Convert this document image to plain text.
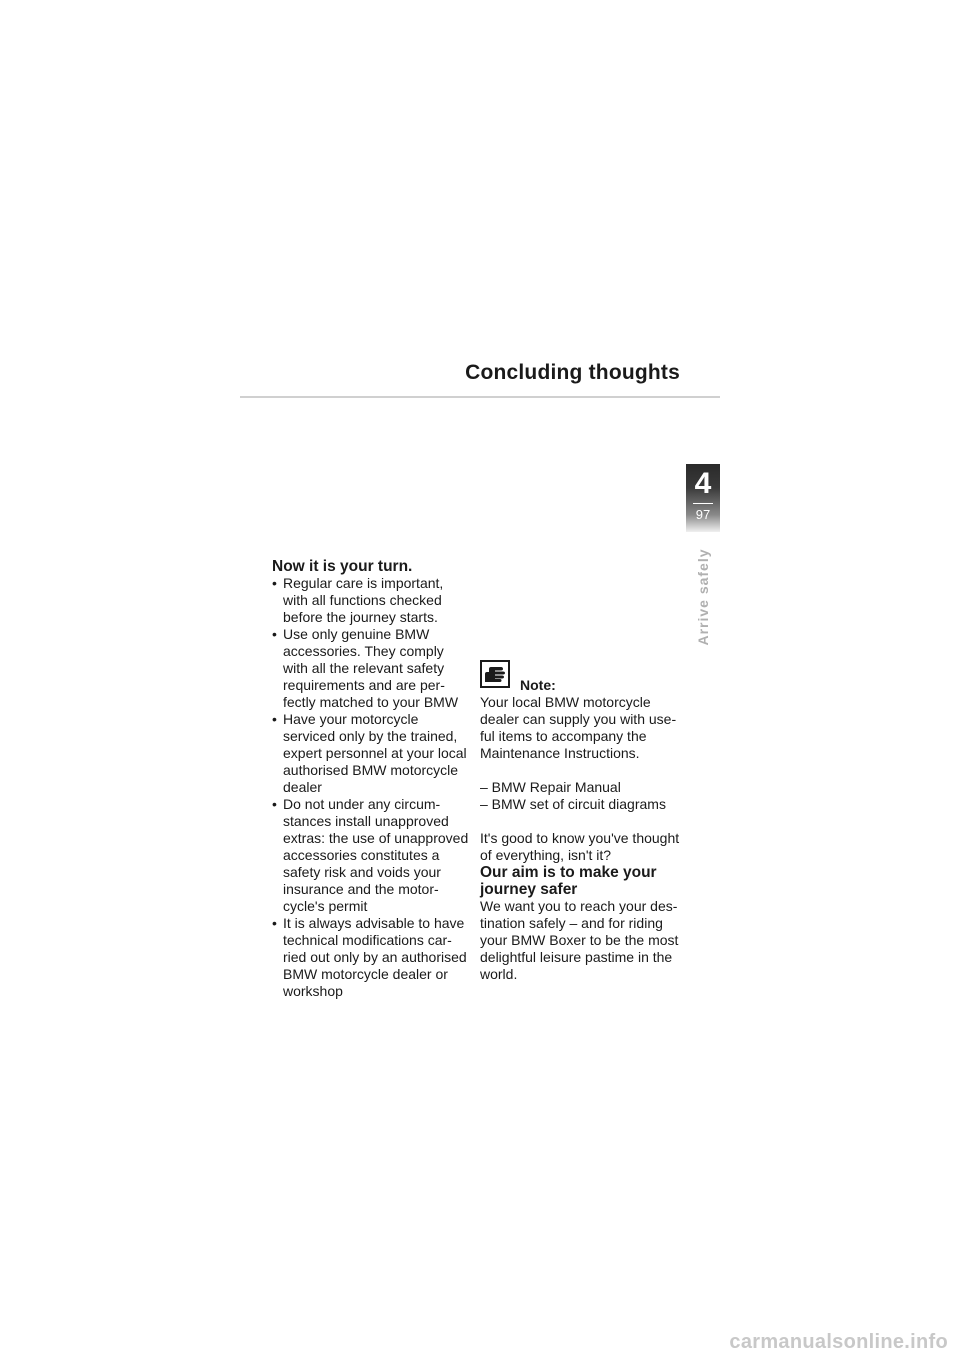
Concluding thoughts
4
97
Arrive safely
Now it is your turn.
• Regular care is important, with all functions checked before the journey starts.
• Use only genuine BMW accessories. They comply with all the relevant safety requirements and are per- fectly matched to your BMW
• Have your motorcycle serviced only by the trained, expert personnel at your local authorised BMW motorcycle dealer
• Do not under any circum- stances install unapproved extras: the use of unapproved accessories constitutes a safety risk and voids your insurance and the motor- cycle's permit
• It is always advisable to have technical modifications car- ried out only by an authorised BMW motorcycle dealer or workshop
Note:

Your local BMW motorcycle dealer can supply you with use- ful items to accompany the Maintenance Instructions.

– BMW Repair Manual
– BMW set of circuit diagrams

It's good to know you've thought of everything, isn't it?

Our aim is to make your journey safer

We want you to reach your des- tination safely – and for riding your BMW Boxer to be the most delightful leisure pastime in the world.

carmanualsonline.info
